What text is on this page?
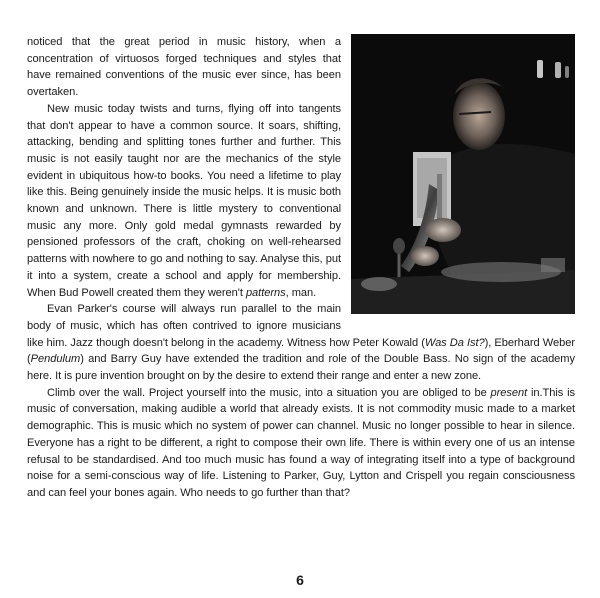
noticed that the great period in music history, when a concentration of virtuosos forged techniques and styles that have remained conventions of the music ever since, has been overtaken.

New music today twists and turns, flying off into tangents that don't appear to have a common source. It soars, shifting, attacking, bending and splitting tones further and further. This music is not easily taught nor are the mechanics of the style evident in ubiquitous how-to books. You need a lifetime to play like this. Being genuinely inside the music helps. It is music both known and unknown. There is little mystery to conventional music any more. Only gold medal gymnasts rewarded by pensioned professors of the craft, choking on well-rehearsed patterns with nowhere to go and nothing to say. Analyse this, put it into a system, create a school and apply for membership. When Bud Powell created them they weren't patterns, man.

Evan Parker's course will always run parallel to the main body of music, which has often contrived to ignore musicians like him. Jazz though doesn't belong in the academy. Witness how Peter Kowald (Was Da Ist?), Eberhard Weber (Pendulum) and Barry Guy have extended the tradition and role of the Double Bass. No sign of the academy here. It is pure invention brought on by the desire to extend their range and enter a new zone.

Climb over the wall. Project yourself into the music, into a situation you are obliged to be present in.This is music of conversation, making audible a world that already exists. It is not commodity music made to a market demographic. This is music which no system of power can channel. Music no longer possible to hear in silence. Everyone has a right to be different, a right to compose their own life. There is within every one of us an intense refusal to be standardised. And too much music has found a way of integrating itself into a type of background noise for a semi-conscious way of life. Listening to Parker, Guy, Lytton and Crispell you regain consciousness and can feel your bones again. Who needs to go further than that?

6
